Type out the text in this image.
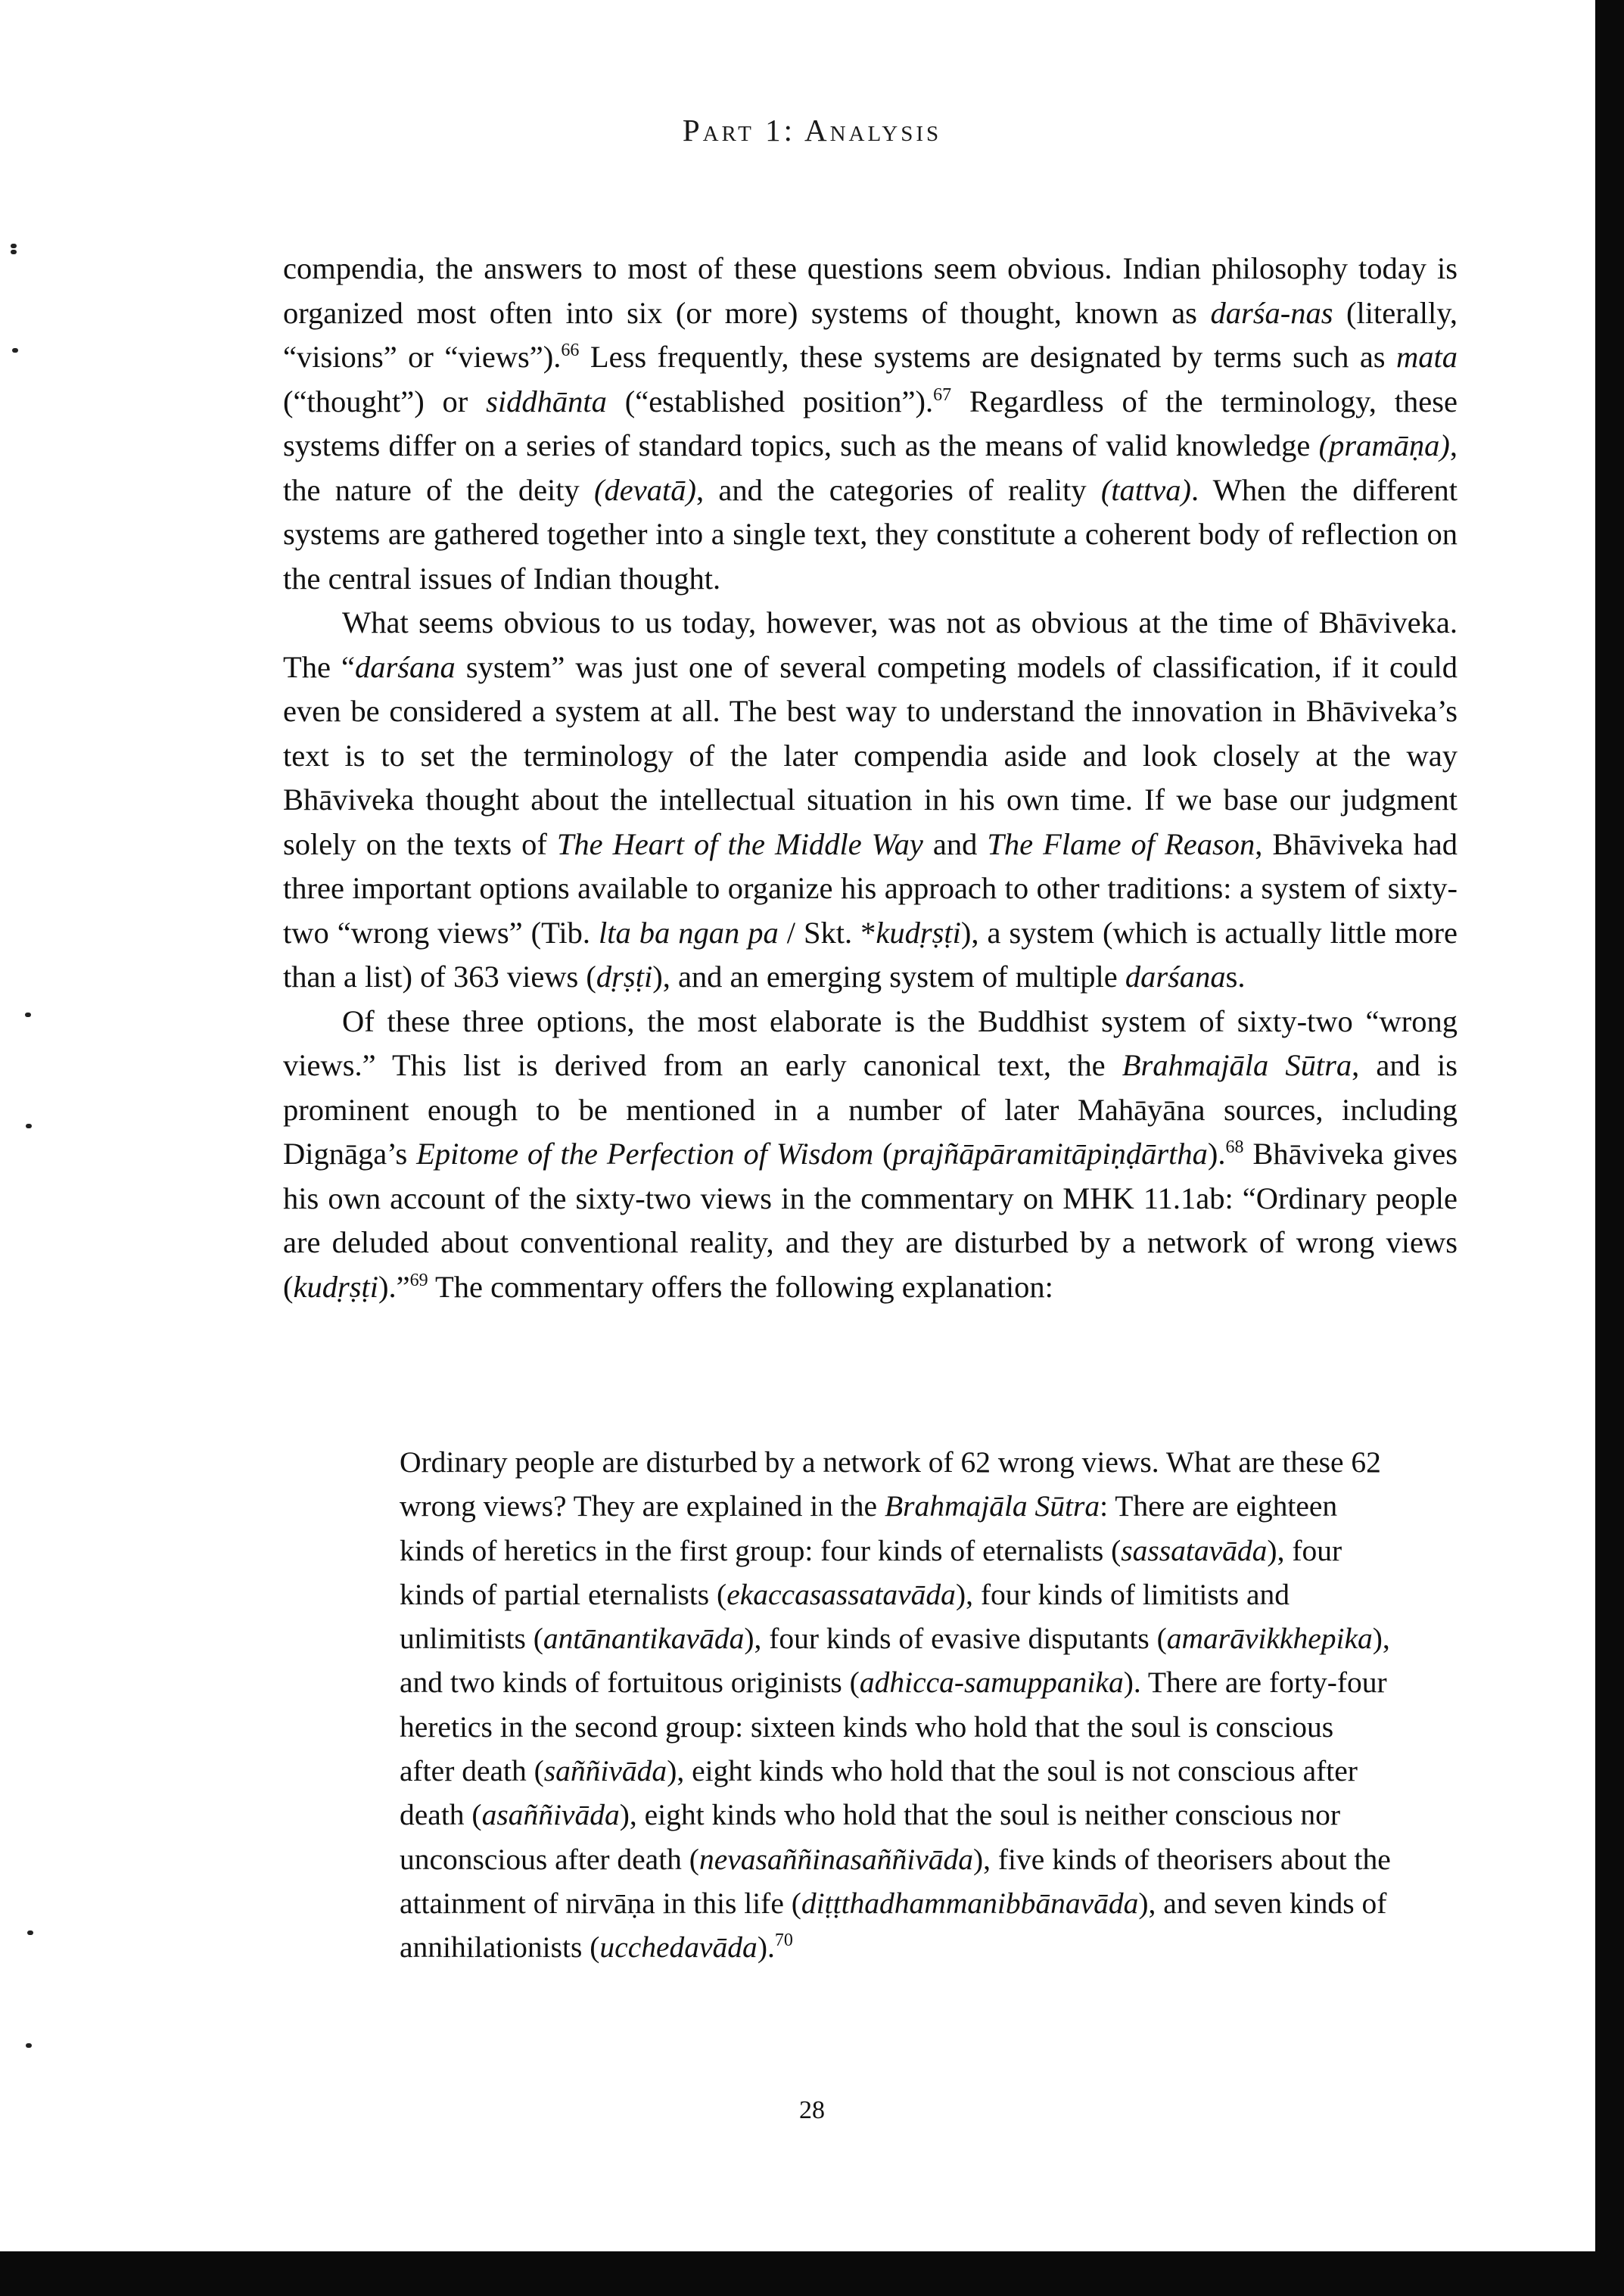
Part 1: Analysis

compendia, the answers to most of these questions seem obvious. Indian philosophy today is organized most often into six (or more) systems of thought, known as darśa-nas (literally, “visions” or “views”).$^{66}$ Less frequently, these systems are designated by terms such as mata (“thought”) or siddhānta (“established position”).$^{67}$ Regardless of the terminology, these systems differ on a series of standard topics, such as the means of valid knowledge (pramāṇa), the nature of the deity (devatā), and the categories of reality (tattva). When the different systems are gathered together into a single text, they constitute a coherent body of reflection on the central issues of Indian thought.

What seems obvious to us today, however, was not as obvious at the time of Bhāviveka. The “darśana system” was just one of several competing models of classification, if it could even be considered a system at all. The best way to understand the innovation in Bhāviveka’s text is to set the terminology of the later compendia aside and look closely at the way Bhāviveka thought about the intellectual situation in his own time. If we base our judgment solely on the texts of The Heart of the Middle Way and The Flame of Reason, Bhāviveka had three important options available to organize his approach to other traditions: a system of sixty-two “wrong views” (Tib. lta ba ngan pa / Skt. *kudṛṣṭi), a system (which is actually little more than a list) of 363 views (dṛṣṭi), and an emerging system of multiple darśanas.

Of these three options, the most elaborate is the Buddhist system of sixty-two “wrong views.” This list is derived from an early canonical text, the Brahmajāla Sūtra, and is prominent enough to be mentioned in a number of later Mahāyāna sources, including Dignāga’s Epitome of the Perfection of Wisdom (prajñāpāramitāpiṇḍārtha).$^{68}$ Bhāviveka gives his own account of the sixty-two views in the commentary on MHK 11.1ab: “Ordinary people are deluded about conventional reality, and they are disturbed by a network of wrong views (kudṛṣṭi).”$^{69}$ The commentary offers the following explanation:

Ordinary people are disturbed by a network of 62 wrong views. What are these 62 wrong views? They are explained in the Brahmajāla Sūtra: There are eighteen kinds of heretics in the first group: four kinds of eternalists (sassatavāda), four kinds of partial eternalists (ekaccasassatavāda), four kinds of limitists and unlimitists (antānantikavāda), four kinds of evasive disputants (amarāvikkhepika), and two kinds of fortuitous originists (adhicca-samuppanika). There are forty-four heretics in the second group: sixteen kinds who hold that the soul is conscious after death (saññivāda), eight kinds who hold that the soul is not conscious after death (asaññivāda), eight kinds who hold that the soul is neither conscious nor unconscious after death (nevasaññinasaññivāda), five kinds of theorisers about the attainment of nirvāṇa in this life (diṭṭthadhammanibbānavāda), and seven kinds of annihilationists (ucchedavāda).$^{70}$

28
